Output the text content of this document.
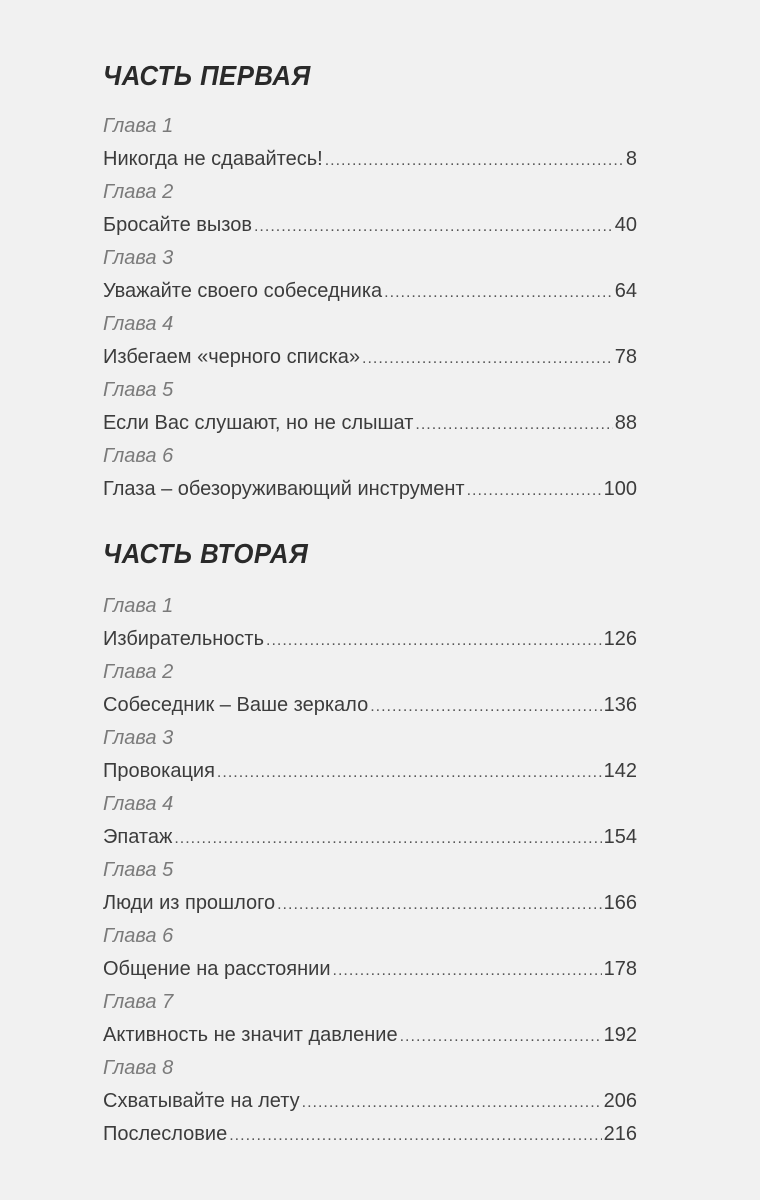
ЧАСТЬ ПЕРВАЯ
Глава 1
Никогда не сдавайтесь! .....	8
Глава 2
Бросайте вызов .....	40
Глава 3
Уважайте своего собеседника .....	64
Глава 4
Избегаем «черного списка» .....	78
Глава 5
Если Вас слушают, но не слышат .....	88
Глава 6
Глаза – обезоруживающий инструмент .....	100
ЧАСТЬ ВТОРАЯ
Глава 1
Избирательность .....	126
Глава 2
Собеседник – Ваше зеркало .....	136
Глава 3
Провокация .....	142
Глава 4
Эпатаж .....	154
Глава 5
Люди из прошлого .....	166
Глава 6
Общение на расстоянии .....	178
Глава 7
Активность не значит давление .....	192
Глава 8
Схватывайте на лету .....	206
Послесловие .....	216
